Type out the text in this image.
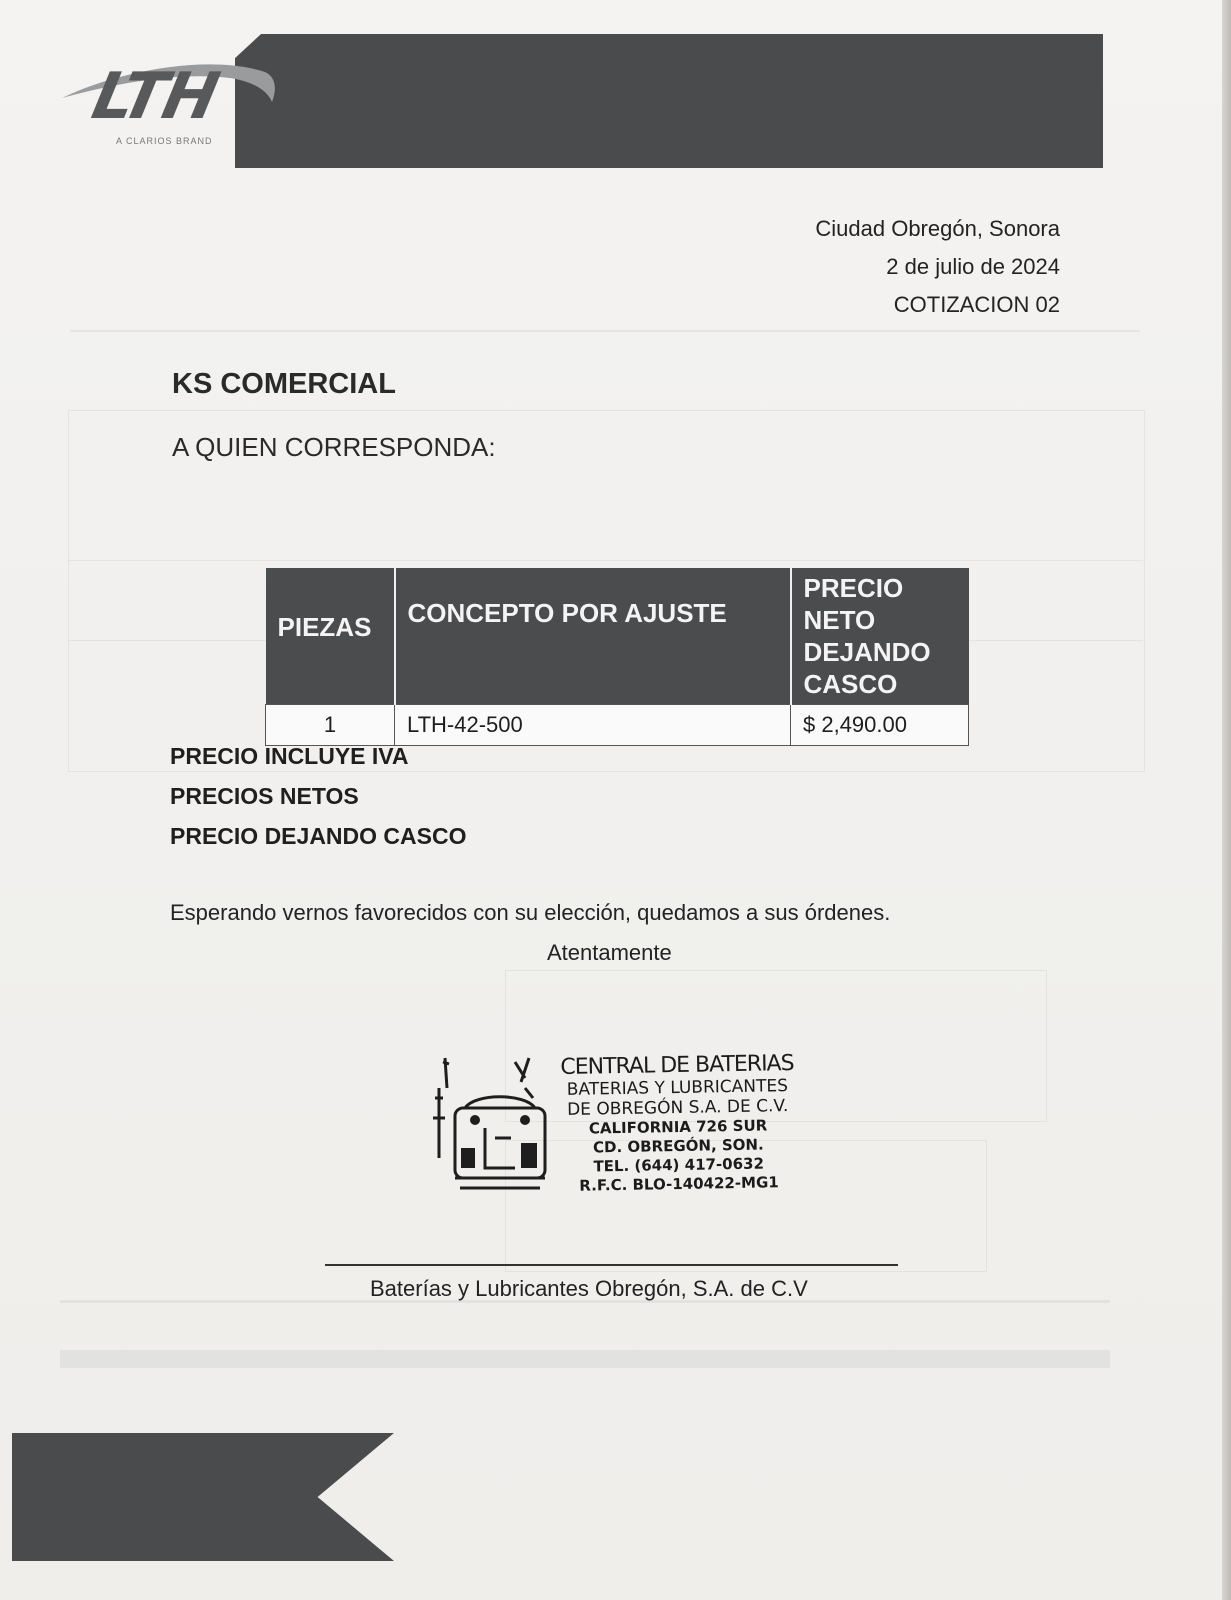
LTH
A CLARIOS BRAND
Ciudad Obregón, Sonora
2 de julio de 2024
COTIZACION 02
KS COMERCIAL
A QUIEN CORRESPONDA:
PIEZAS	CONCEPTO POR AJUSTE	PRECIO
NETO
DEJANDO
CASCO

1	LTH-42-500	$ 2,490.00
PRECIO INCLUYE IVA
PRECIOS NETOS
PRECIO DEJANDO CASCO
Esperando vernos favorecidos con su elección, quedamos a sus órdenes.
Atentamente
CENTRAL DE BATERIAS
BATERIAS Y LUBRICANTES
DE OBREGÓN S.A. DE C.V.
CALIFORNIA 726 SUR
CD. OBREGÓN, SON.
TEL. (644) 417-0632
R.F.C. BLO-140422-MG1
Baterías y Lubricantes Obregón, S.A. de C.V
